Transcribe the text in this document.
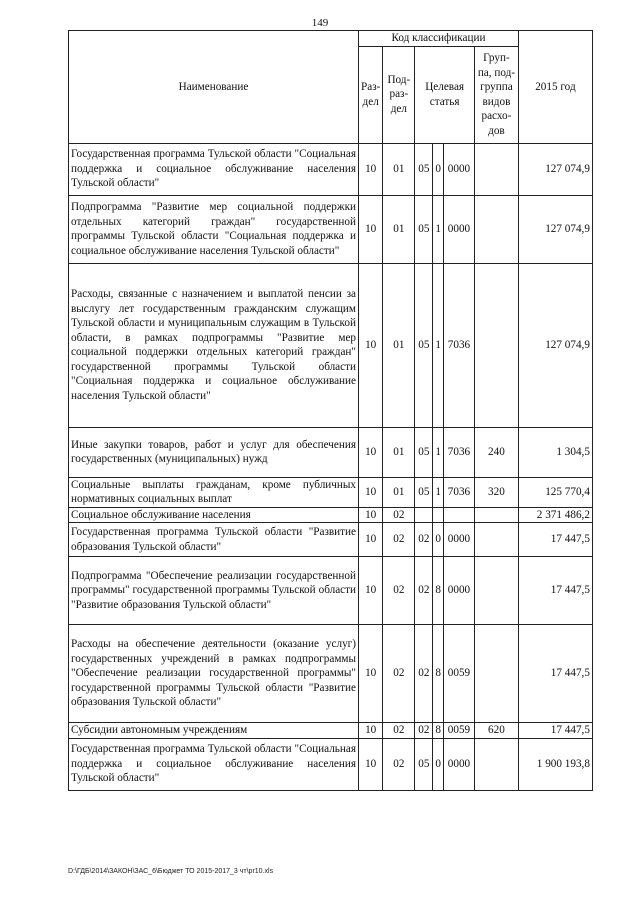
149
Наименование	Код классификации						2015 год
	Раз-дел	Под-раз-дел	Целевая статья			Груп-па, под-группа видов расхо-дов	
Государственная программа Тульской области "Социальная поддержка и социальное обслуживание населения Тульской области"	10	01	05	0	0000		127 074,9
Подпрограмма "Развитие мер социальной поддержки отдельных категорий граждан" государственной программы Тульской области "Социальная поддержка и социальное обслуживание населения Тульской области"	10	01	05	1	0000		127 074,9
Расходы, связанные с назначением и выплатой пенсии за выслугу лет государственным гражданским служащим Тульской области и муниципальным служащим в Тульской области, в рамках подпрограммы "Развитие мер социальной поддержки отдельных категорий граждан" государственной программы Тульской области "Социальная поддержка и социальное обслуживание населения Тульской области"	10	01	05	1	7036		127 074,9
Иные закупки товаров, работ и услуг для обеспечения государственных (муниципальных) нужд	10	01	05	1	7036	240	1 304,5
Социальные выплаты гражданам, кроме публичных нормативных социальных выплат	10	01	05	1	7036	320	125 770,4
Социальное обслуживание населения	10	02					2 371 486,2
Государственная программа Тульской области "Развитие образования Тульской области"	10	02	02	0	0000		17 447,5
Подпрограмма "Обеспечение реализации государственной программы" государственной программы Тульской области "Развитие образования Тульской области"	10	02	02	8	0000		17 447,5
Расходы на обеспечение деятельности (оказание услуг) государственных учреждений в рамках подпрограммы "Обеспечение реализации государственной программы" государственной программы Тульской области "Развитие образования Тульской области"	10	02	02	8	0059		17 447,5
Субсидии автономным учреждениям	10	02	02	8	0059	620	17 447,5
Государственная программа Тульской области "Социальная поддержка и социальное обслуживание населения Тульской области"	10	02	05	0	0000		1 900 193,8
D:\ГДБ\2014\ЗАКОН\ЗАС_6\Бюджет ТО 2015-2017_3 чт\рr10.xls
